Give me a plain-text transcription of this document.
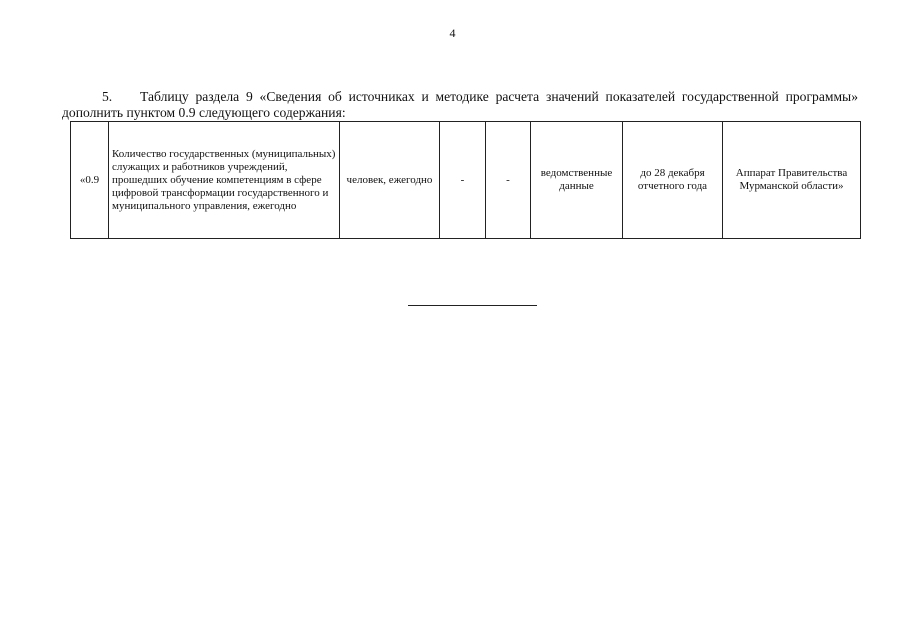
4

5. Таблицу раздела 9 «Сведения об источниках и методике расчета значений показателей государственной программы» дополнить пунктом 0.9 следующего содержания:

«0.9	Количество государственных (муниципальных) служащих и работников учреждений, прошедших обучение компетенциям в сфере цифровой трансформации государственного и муниципального управления, ежегодно	человек, ежегодно	-	-	ведомственные данные	до 28 декабря отчетного года	Аппарат Правительства Мурманской области»
